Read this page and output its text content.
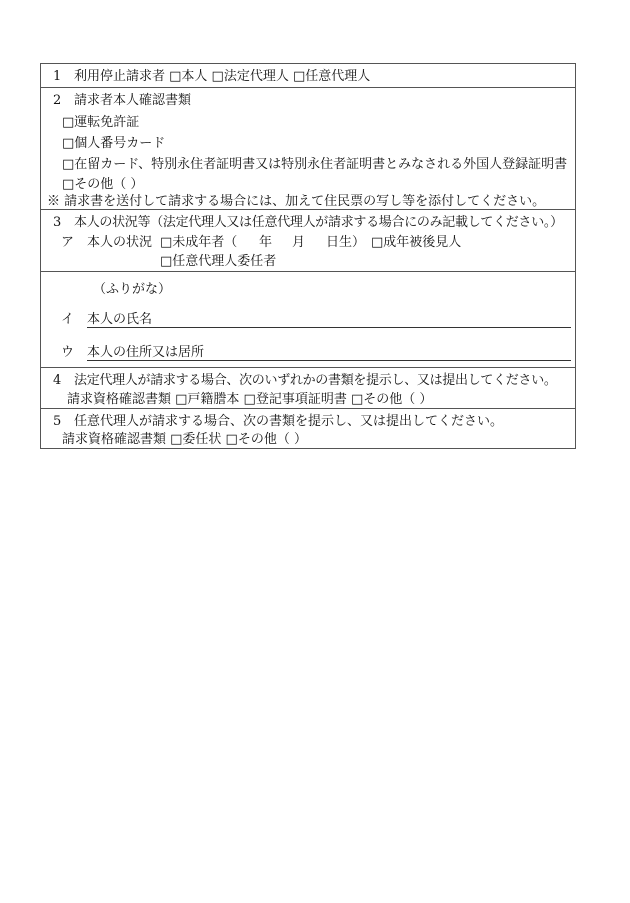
1 利用停止請求者 □本人 □法定代理人 □任意代理人
2 請求者本人確認書類
□運転免許証
□個人番号カード
□在留カード、特別永住者証明書又は特別永住者証明書とみなされる外国人登録証明書
□その他（ ）
※ 請求書を送付して請求する場合には、加えて住民票の写し等を添付してください。
3 本人の状況等（法定代理人又は任意代理人が請求する場合にのみ記載してください。）
ア　本人の状況 □未成年者（ 年 月 日生） □成年被後見人
□任意代理人委任者
（ふりがな）
イ　本人の氏名
ウ　本人の住所又は居所
4 法定代理人が請求する場合、次のいずれかの書類を提示し、又は提出してください。
請求資格確認書類 □戸籍謄本 □登記事項証明書 □その他（ ）
5 任意代理人が請求する場合、次の書類を提示し、又は提出してください。
請求資格確認書類 □委任状 □その他（ ）
